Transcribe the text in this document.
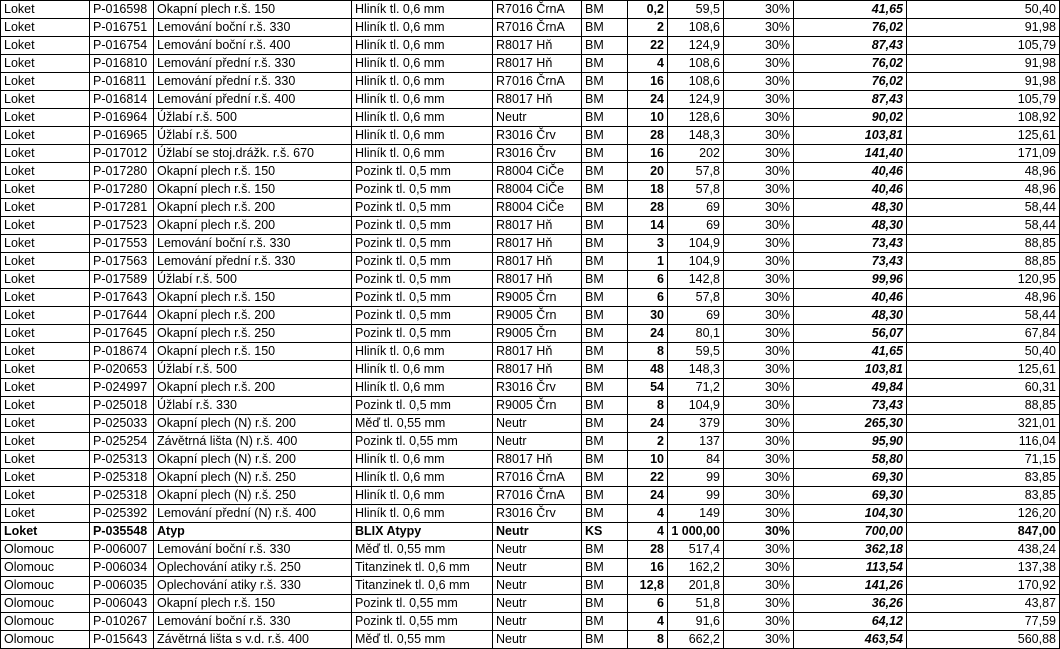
Loket	P-016598	Okapní plech r.š. 150	Hliník tl. 0,6 mm	R7016 ČrnA	BM	0,2	59,5	30%	41,65	50,40
Loket	P-016751	Lemování boční r.š. 330	Hliník tl. 0,6 mm	R7016 ČrnA	BM	2	108,6	30%	76,02	91,98
Loket	P-016754	Lemování boční r.š. 400	Hliník tl. 0,6 mm	R8017 Hň	BM	22	124,9	30%	87,43	105,79
Loket	P-016810	Lemování přední r.š. 330	Hliník tl. 0,6 mm	R8017 Hň	BM	4	108,6	30%	76,02	91,98
Loket	P-016811	Lemování přední r.š. 330	Hliník tl. 0,6 mm	R7016 ČrnA	BM	16	108,6	30%	76,02	91,98
Loket	P-016814	Lemování přední r.š. 400	Hliník tl. 0,6 mm	R8017 Hň	BM	24	124,9	30%	87,43	105,79
Loket	P-016964	Úžlabí r.š. 500	Hliník tl. 0,6 mm	Neutr	BM	10	128,6	30%	90,02	108,92
Loket	P-016965	Úžlabí r.š. 500	Hliník tl. 0,6 mm	R3016 Črv	BM	28	148,3	30%	103,81	125,61
Loket	P-017012	Úžlabí se stoj.drážk. r.š. 670	Hliník tl. 0,6 mm	R3016 Črv	BM	16	202	30%	141,40	171,09
Loket	P-017280	Okapní plech r.š. 150	Pozink tl. 0,5 mm	R8004 CiČe	BM	20	57,8	30%	40,46	48,96
Loket	P-017280	Okapní plech r.š. 150	Pozink tl. 0,5 mm	R8004 CiČe	BM	18	57,8	30%	40,46	48,96
Loket	P-017281	Okapní plech r.š. 200	Pozink tl. 0,5 mm	R8004 CiČe	BM	28	69	30%	48,30	58,44
Loket	P-017523	Okapní plech r.š. 200	Pozink tl. 0,5 mm	R8017 Hň	BM	14	69	30%	48,30	58,44
Loket	P-017553	Lemování boční r.š. 330	Pozink tl. 0,5 mm	R8017 Hň	BM	3	104,9	30%	73,43	88,85
Loket	P-017563	Lemování přední r.š. 330	Pozink tl. 0,5 mm	R8017 Hň	BM	1	104,9	30%	73,43	88,85
Loket	P-017589	Úžlabí r.š. 500	Pozink tl. 0,5 mm	R8017 Hň	BM	6	142,8	30%	99,96	120,95
Loket	P-017643	Okapní plech r.š. 150	Pozink tl. 0,5 mm	R9005 Črn	BM	6	57,8	30%	40,46	48,96
Loket	P-017644	Okapní plech r.š. 200	Pozink tl. 0,5 mm	R9005 Črn	BM	30	69	30%	48,30	58,44
Loket	P-017645	Okapní plech r.š. 250	Pozink tl. 0,5 mm	R9005 Črn	BM	24	80,1	30%	56,07	67,84
Loket	P-018674	Okapní plech r.š. 150	Hliník tl. 0,6 mm	R8017 Hň	BM	8	59,5	30%	41,65	50,40
Loket	P-020653	Úžlabí r.š. 500	Hliník tl. 0,6 mm	R8017 Hň	BM	48	148,3	30%	103,81	125,61
Loket	P-024997	Okapní plech r.š. 200	Hliník tl. 0,6 mm	R3016 Črv	BM	54	71,2	30%	49,84	60,31
Loket	P-025018	Úžlabí r.š. 330	Pozink tl. 0,5 mm	R9005 Črn	BM	8	104,9	30%	73,43	88,85
Loket	P-025033	Okapní plech (N) r.š. 200	Měď tl. 0,55 mm	Neutr	BM	24	379	30%	265,30	321,01
Loket	P-025254	Závětrná lišta (N) r.š. 400	Pozink tl. 0,55 mm	Neutr	BM	2	137	30%	95,90	116,04
Loket	P-025313	Okapní plech (N) r.š. 200	Hliník tl. 0,6 mm	R8017 Hň	BM	10	84	30%	58,80	71,15
Loket	P-025318	Okapní plech (N) r.š. 250	Hliník tl. 0,6 mm	R7016 ČrnA	BM	22	99	30%	69,30	83,85
Loket	P-025318	Okapní plech (N) r.š. 250	Hliník tl. 0,6 mm	R7016 ČrnA	BM	24	99	30%	69,30	83,85
Loket	P-025392	Lemování přední (N) r.š. 400	Hliník tl. 0,6 mm	R3016 Črv	BM	4	149	30%	104,30	126,20
Loket	P-035548	Atyp	BLIX Atypy	Neutr	KS	4	1 000,00	30%	700,00	847,00
Olomouc	P-006007	Lemování boční r.š. 330	Měď tl. 0,55 mm	Neutr	BM	28	517,4	30%	362,18	438,24
Olomouc	P-006034	Oplechování atiky r.š. 250	Titanzinek tl. 0,6 mm	Neutr	BM	16	162,2	30%	113,54	137,38
Olomouc	P-006035	Oplechování atiky r.š. 330	Titanzinek tl. 0,6 mm	Neutr	BM	12,8	201,8	30%	141,26	170,92
Olomouc	P-006043	Okapní plech r.š. 150	Pozink tl. 0,55 mm	Neutr	BM	6	51,8	30%	36,26	43,87
Olomouc	P-010267	Lemování boční r.š. 330	Pozink tl. 0,55 mm	Neutr	BM	4	91,6	30%	64,12	77,59
Olomouc	P-015643	Závětrná lišta s v.d. r.š. 400	Měď tl. 0,55 mm	Neutr	BM	8	662,2	30%	463,54	560,88
